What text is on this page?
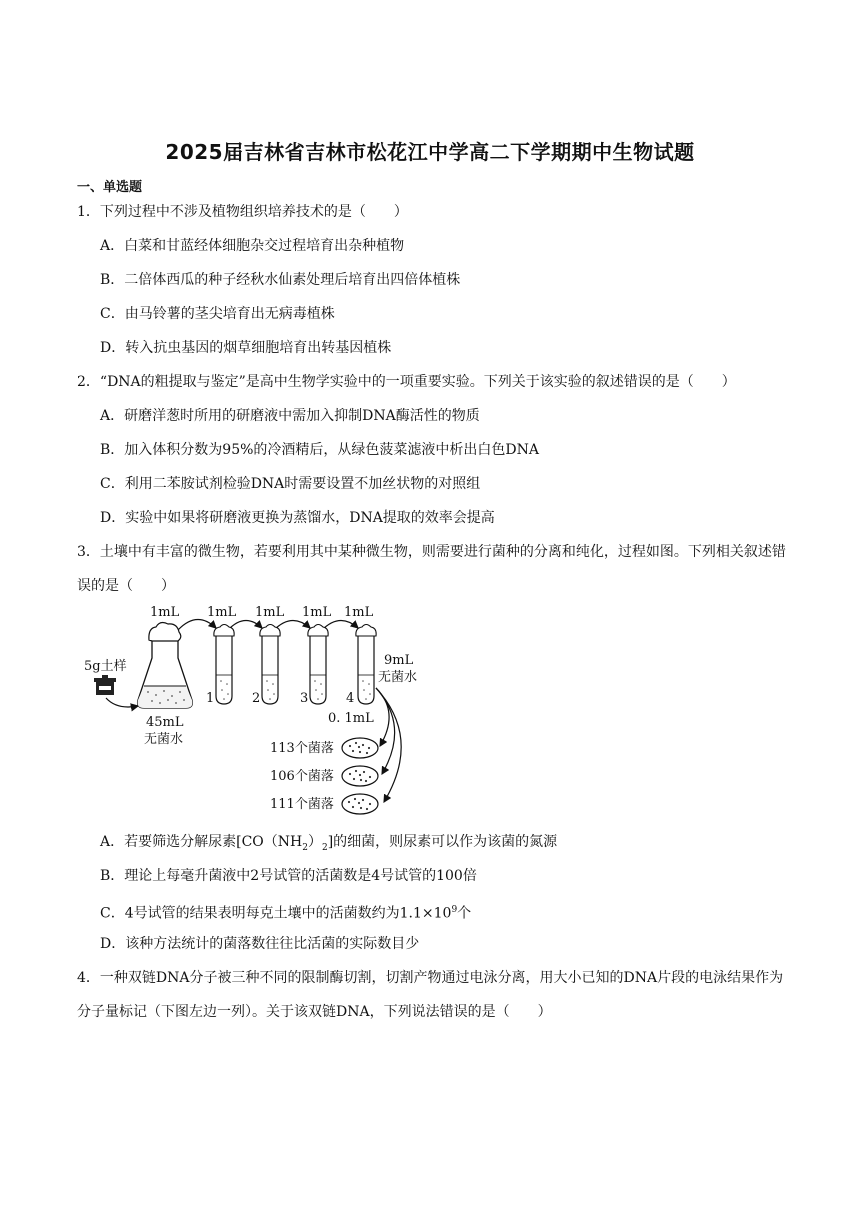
2025届吉林省吉林市松花江中学高二下学期期中生物试题
一、单选题
1．下列过程中不涉及植物组织培养技术的是（　　）
A．白菜和甘蓝经体细胞杂交过程培育出杂种植物
B．二倍体西瓜的种子经秋水仙素处理后培育出四倍体植株
C．由马铃薯的茎尖培育出无病毒植株
D．转入抗虫基因的烟草细胞培育出转基因植株
2．“DNA的粗提取与鉴定”是高中生物学实验中的一项重要实验。下列关于该实验的叙述错误的是（　　）
A．研磨洋葱时所用的研磨液中需加入抑制DNA酶活性的物质
B．加入体积分数为95%的冷酒精后，从绿色菠菜滤液中析出白色DNA
C．利用二苯胺试剂检验DNA时需要设置不加丝状物的对照组
D．实验中如果将研磨液更换为蒸馏水，DNA提取的效率会提高
3．土壤中有丰富的微生物，若要利用其中某种微生物，则需要进行菌种的分离和纯化，过程如图。下列相关叙述错误的是（　　）
1mL 1mL 1mL 1mL 1mL
5g土样
45mL
无菌水
1	2	3	4
9mL
无菌水
0. 1mL
113个菌落
106个菌落
111个菌落
A．若要筛选分解尿素$[CO(NH_2)_2]$的细菌，则尿素可以作为该菌的氮源
B．理论上每毫升菌液中2号试管的活菌数是4号试管的100倍
C．4号试管的结果表明每克土壤中的活菌数约为$1.1\times 10^9$个
D．该种方法统计的菌落数往往比活菌的实际数目少
4．一种双链DNA分子被三种不同的限制酶切割，切割产物通过电泳分离，用大小已知的DNA片段的电泳结果作为分子量标记（下图左边一列）。关于该双链DNA，下列说法错误的是（　　）
